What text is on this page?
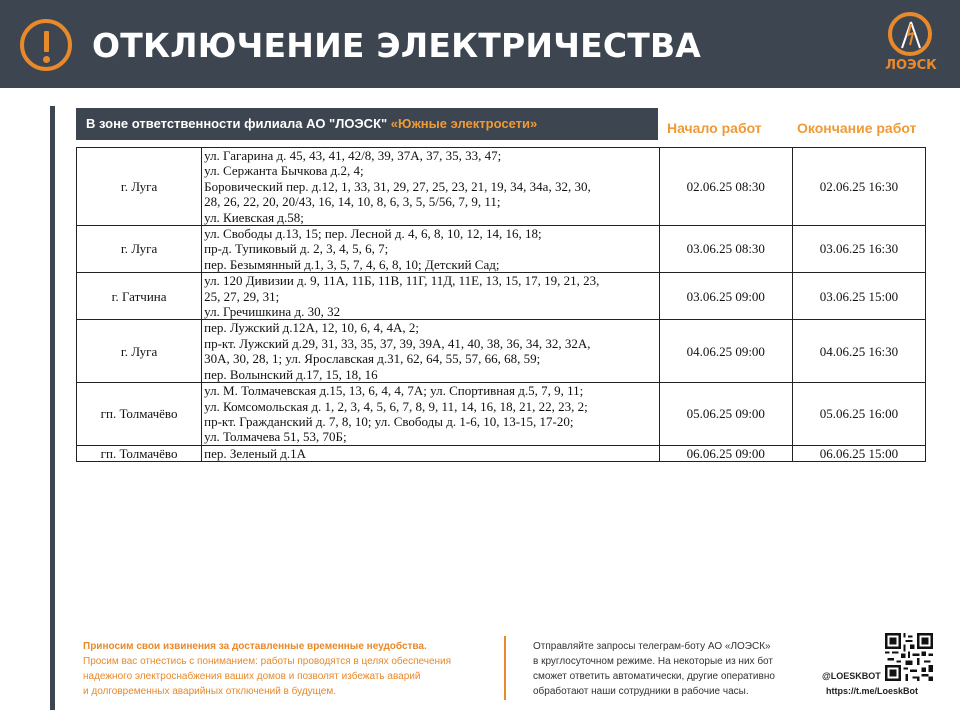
ОТКЛЮЧЕНИЕ ЭЛЕКТРИЧЕСТВА
ЛОЭСК
В зоне ответственности филиала АО "ЛОЭСК" «Южные электросети»	Начало работ	Окончание работ
г. Луга	ул. Гагарина д. 45, 43, 41, 42/8, 39, 37А, 37, 35, 33, 47;
ул. Сержанта Бычкова д.2, 4;
Боровический пер. д.12, 1, 33, 31, 29, 27, 25, 23, 21, 19, 34, 34а, 32, 30,
28, 26, 22, 20, 20/43, 16, 14, 10, 8, 6, 3, 5, 5/56, 7, 9, 11;
ул. Киевская д.58;	02.06.25 08:30	02.06.25 16:30
г. Луга	ул. Свободы д.13, 15; пер. Лесной д. 4, 6, 8, 10, 12, 14, 16, 18;
пр-д. Тупиковый д. 2, 3, 4, 5, 6, 7;
пер. Безымянный д.1, 3, 5, 7, 4, 6, 8, 10; Детский Сад;	03.06.25 08:30	03.06.25 16:30
г. Гатчина	ул. 120 Дивизии д. 9, 11А, 11Б, 11В, 11Г, 11Д, 11Е, 13, 15, 17, 19, 21, 23,
25, 27, 29, 31;
ул. Гречишкина д. 30, 32	03.06.25 09:00	03.06.25 15:00
г. Луга	пер. Лужский д.12А, 12, 10, 6, 4, 4А, 2;
пр-кт. Лужский д.29, 31, 33, 35, 37, 39, 39А, 41, 40, 38, 36, 34, 32, 32А,
30А, 30, 28, 1; ул. Ярославская д.31, 62, 64, 55, 57, 66, 68, 59;
пер. Волынский д.17, 15, 18, 16	04.06.25 09:00	04.06.25 16:30
гп. Толмачёво	ул. М. Толмачевская д.15, 13, 6, 4, 4, 7А; ул. Спортивная д.5, 7, 9, 11;
ул. Комсомольская д. 1, 2, 3, 4, 5, 6, 7, 8, 9, 11, 14, 16, 18, 21, 22, 23, 2;
пр-кт. Гражданский д. 7, 8, 10; ул. Свободы д. 1-6, 10, 13-15, 17-20;
ул. Толмачева 51, 53, 70Б;	05.06.25 09:00	05.06.25 16:00
гп. Толмачёво	пер. Зеленый д.1А	06.06.25 09:00	06.06.25 15:00
Приносим свои извинения за доставленные временные неудобства.
Просим вас отнестись с пониманием: работы проводятся в целях обеспечения
надежного электроснабжения ваших домов и позволят избежать аварий
и долговременных аварийных отключений в будущем.
Отправляйте запросы телеграм-боту АО «ЛОЭСК»
в круглосуточном режиме. На некоторые из них бот
сможет ответить автоматически, другие оперативно
обработают наши сотрудники в рабочие часы.
@LOESKBOT
https://t.me/LoeskBot
